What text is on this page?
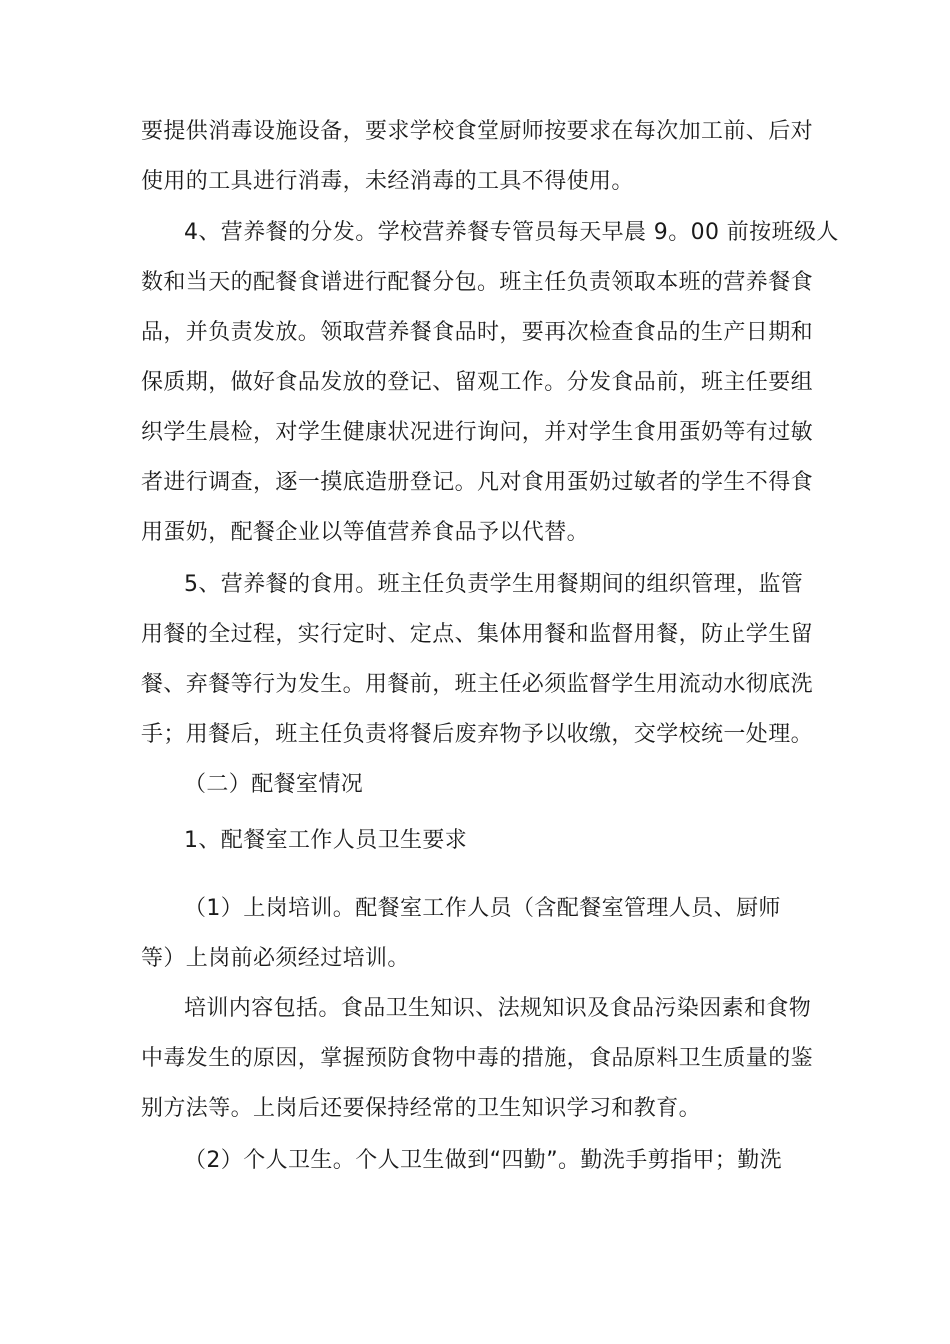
要提供消毒设施设备，要求学校食堂厨师按要求在每次加工前、后对
使用的工具进行消毒，未经消毒的工具不得使用。
4、营养餐的分发。学校营养餐专管员每天早晨 9。00 前按班级人
数和当天的配餐食谱进行配餐分包。班主任负责领取本班的营养餐食
品，并负责发放。领取营养餐食品时，要再次检查食品的生产日期和
保质期，做好食品发放的登记、留观工作。分发食品前，班主任要组
织学生晨检，对学生健康状况进行询问，并对学生食用蛋奶等有过敏
者进行调查，逐一摸底造册登记。凡对食用蛋奶过敏者的学生不得食
用蛋奶，配餐企业以等值营养食品予以代替。
5、营养餐的食用。班主任负责学生用餐期间的组织管理，监管
用餐的全过程，实行定时、定点、集体用餐和监督用餐，防止学生留
餐、弃餐等行为发生。用餐前，班主任必须监督学生用流动水彻底洗
手；用餐后，班主任负责将餐后废弃物予以收缴，交学校统一处理。
（二）配餐室情况
1、配餐室工作人员卫生要求
（1）上岗培训。配餐室工作人员（含配餐室管理人员、厨师
等）上岗前必须经过培训。
培训内容包括。食品卫生知识、法规知识及食品污染因素和食物
中毒发生的原因，掌握预防食物中毒的措施，食品原料卫生质量的鉴
别方法等。上岗后还要保持经常的卫生知识学习和教育。
（2）个人卫生。个人卫生做到“四勤”。勤洗手剪指甲；勤洗
